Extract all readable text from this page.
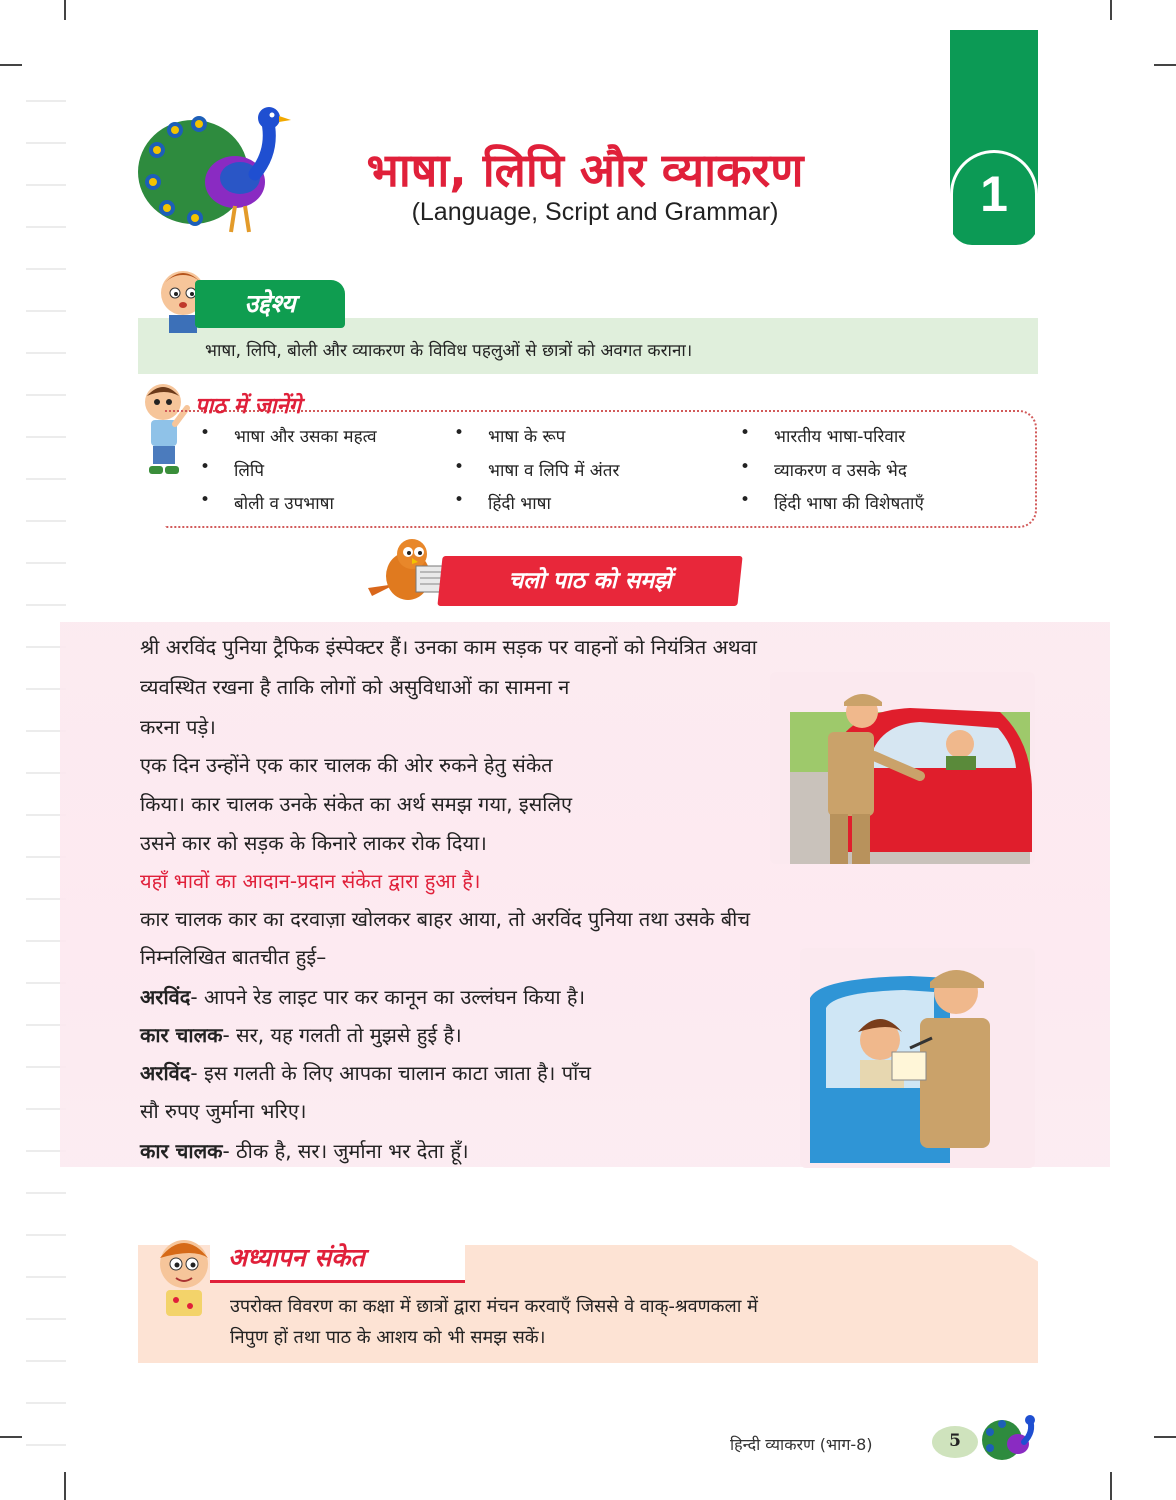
भाषा, लिपि और व्याकरण
(Language, Script and Grammar)	1
उद्देश्य
भाषा, लिपि, बोली और व्याकरण के विविध पहलुओं से छात्रों को अवगत कराना।
पाठ में जानेंगे
• भाषा और उसका महत्व	• भाषा के रूप	• भारतीय भाषा-परिवार
• लिपि	• भाषा व लिपि में अंतर	• व्याकरण व उसके भेद
• बोली व उपभाषा	• हिंदी भाषा	• हिंदी भाषा की विशेषताएँ
चलो पाठ को समझें
श्री अरविंद पुनिया ट्रैफिक इंस्पेक्टर हैं। उनका काम सड़क पर वाहनों को नियंत्रित अथवा
व्यवस्थित रखना है ताकि लोगों को असुविधाओं का सामना न
करना पड़े।
एक दिन उन्होंने एक कार चालक की ओर रुकने हेतु संकेत
किया। कार चालक उनके संकेत का अर्थ समझ गया, इसलिए
उसने कार को सड़क के किनारे लाकर रोक दिया।
यहाँ भावों का आदान-प्रदान संकेत द्वारा हुआ है।
कार चालक कार का दरवाज़ा खोलकर बाहर आया, तो अरविंद पुनिया तथा उसके बीच
निम्नलिखित बातचीत हुई–
अरविंद- आपने रेड लाइट पार कर कानून का उल्लंघन किया है।
कार चालक- सर, यह गलती तो मुझसे हुई है।
अरविंद- इस गलती के लिए आपका चालान काटा जाता है। पाँच
सौ रुपए जुर्माना भरिए।
कार चालक- ठीक है, सर। जुर्माना भर देता हूँ।
अध्यापन संकेत
उपरोक्त विवरण का कक्षा में छात्रों द्वारा मंचन करवाएँ जिससे वे वाक्-श्रवणकला में
निपुण हों तथा पाठ के आशय को भी समझ सकें।
हिन्दी व्याकरण (भाग-8)	5
